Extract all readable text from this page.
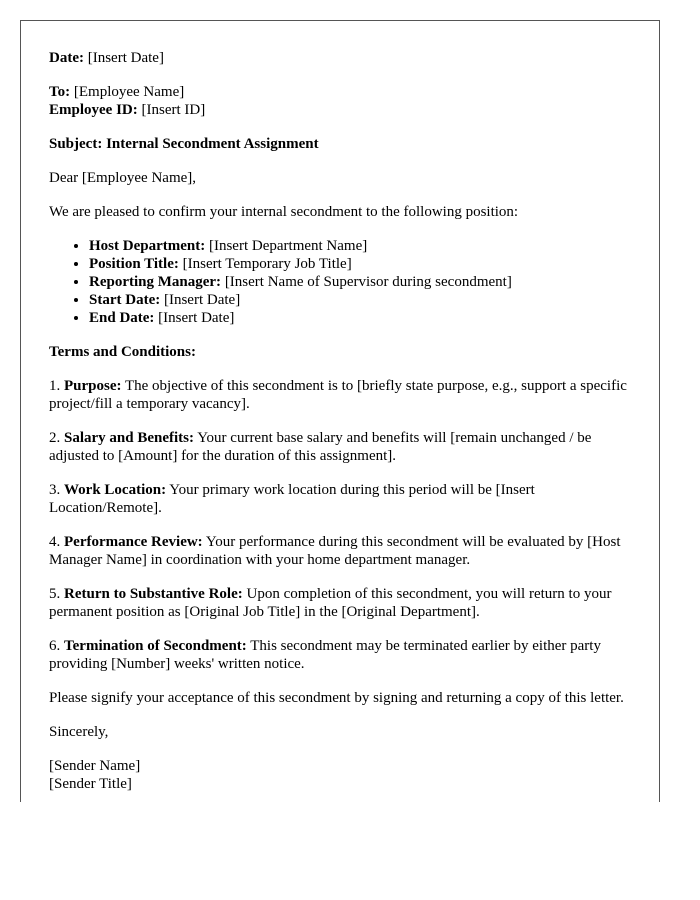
Date: [Insert Date]

To: [Employee Name]
Employee ID: [Insert ID]

Subject: Internal Secondment Assignment

Dear [Employee Name],

We are pleased to confirm your internal secondment to the following position:

• Host Department: [Insert Department Name]
• Position Title: [Insert Temporary Job Title]
• Reporting Manager: [Insert Name of Supervisor during secondment]
• Start Date: [Insert Date]
• End Date: [Insert Date]

Terms and Conditions:

1. Purpose: The objective of this secondment is to [briefly state purpose, e.g., support a specific project/fill a temporary vacancy].

2. Salary and Benefits: Your current base salary and benefits will [remain unchanged / be adjusted to [Amount] for the duration of this assignment].

3. Work Location: Your primary work location during this period will be [Insert Location/Remote].

4. Performance Review: Your performance during this secondment will be evaluated by [Host Manager Name] in coordination with your home department manager.

5. Return to Substantive Role: Upon completion of this secondment, you will return to your permanent position as [Original Job Title] in the [Original Department].

6. Termination of Secondment: This secondment may be terminated earlier by either party providing [Number] weeks' written notice.

Please signify your acceptance of this secondment by signing and returning a copy of this letter.

Sincerely,

[Sender Name]
[Sender Title]
